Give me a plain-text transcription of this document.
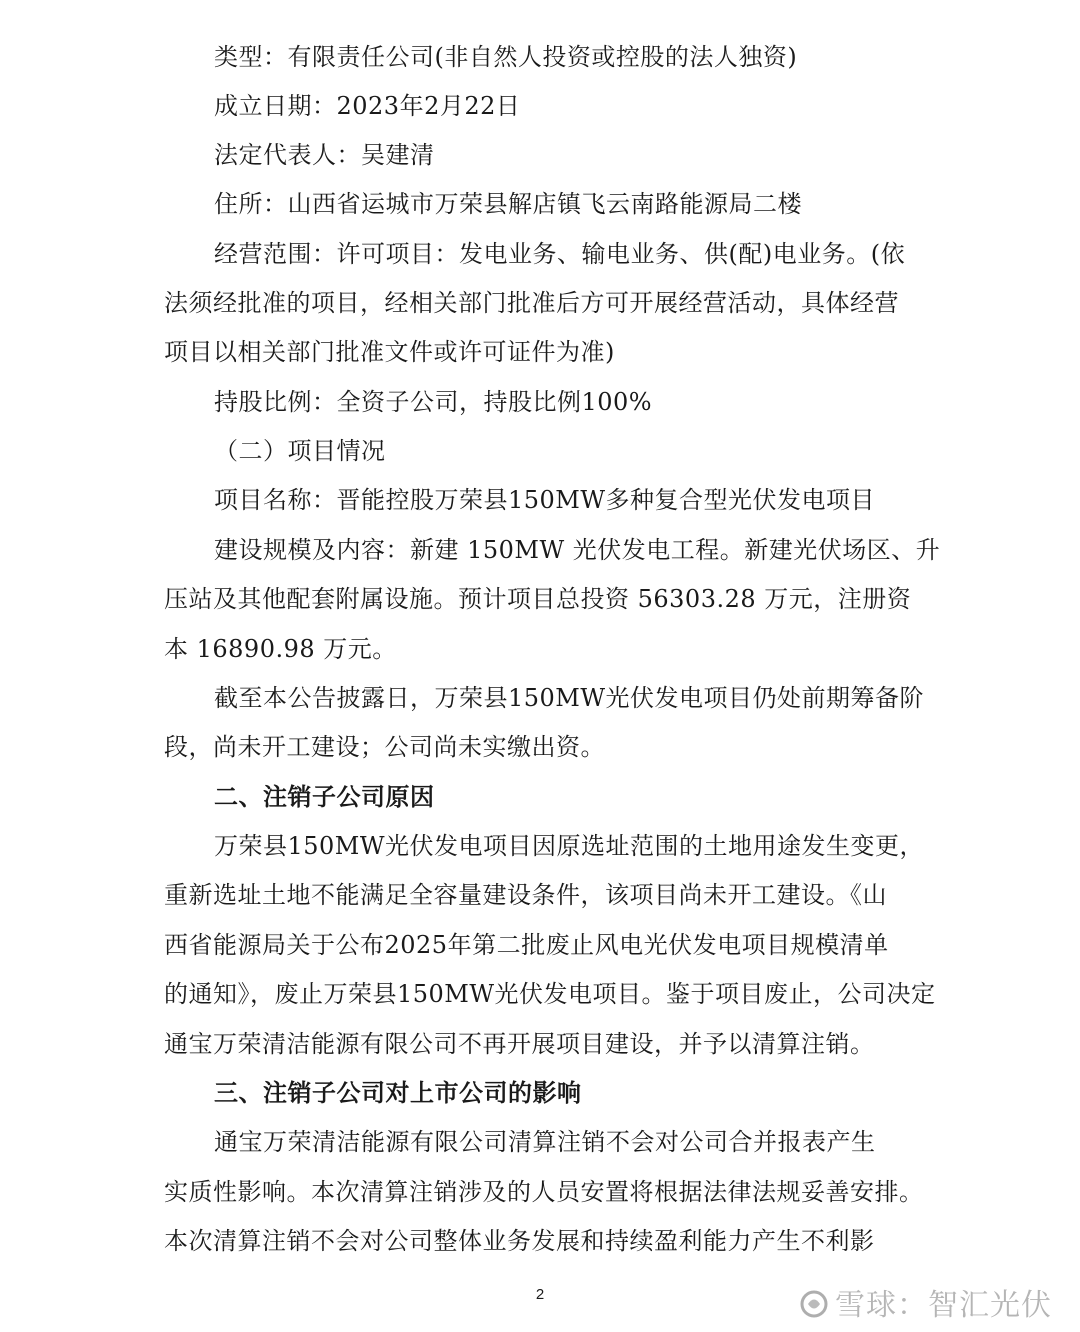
类型：有限责任公司(非自然人投资或控股的法人独资)
成立日期：2023年2月22日
法定代表人：吴建清
住所：山西省运城市万荣县解店镇飞云南路能源局二楼
经营范围：许可项目：发电业务、输电业务、供(配)电业务。(依
法须经批准的项目，经相关部门批准后方可开展经营活动，具体经营
项目以相关部门批准文件或许可证件为准)
持股比例：全资子公司，持股比例100%
（二）项目情况
项目名称：晋能控股万荣县150MW多种复合型光伏发电项目
建设规模及内容：新建 150MW 光伏发电工程。新建光伏场区、升
压站及其他配套附属设施。预计项目总投资 56303.28 万元，注册资
本 16890.98 万元。
截至本公告披露日，万荣县150MW光伏发电项目仍处前期筹备阶
段，尚未开工建设；公司尚未实缴出资。
二、注销子公司原因
万荣县150MW光伏发电项目因原选址范围的土地用途发生变更，
重新选址土地不能满足全容量建设条件，该项目尚未开工建设。《山
西省能源局关于公布2025年第二批废止风电光伏发电项目规模清单
的通知》，废止万荣县150MW光伏发电项目。鉴于项目废止，公司决定
通宝万荣清洁能源有限公司不再开展项目建设，并予以清算注销。
三、注销子公司对上市公司的影响
通宝万荣清洁能源有限公司清算注销不会对公司合并报表产生
实质性影响。本次清算注销涉及的人员安置将根据法律法规妥善安排。
本次清算注销不会对公司整体业务发展和持续盈利能力产生不利影
2	雪球：智汇光伏
